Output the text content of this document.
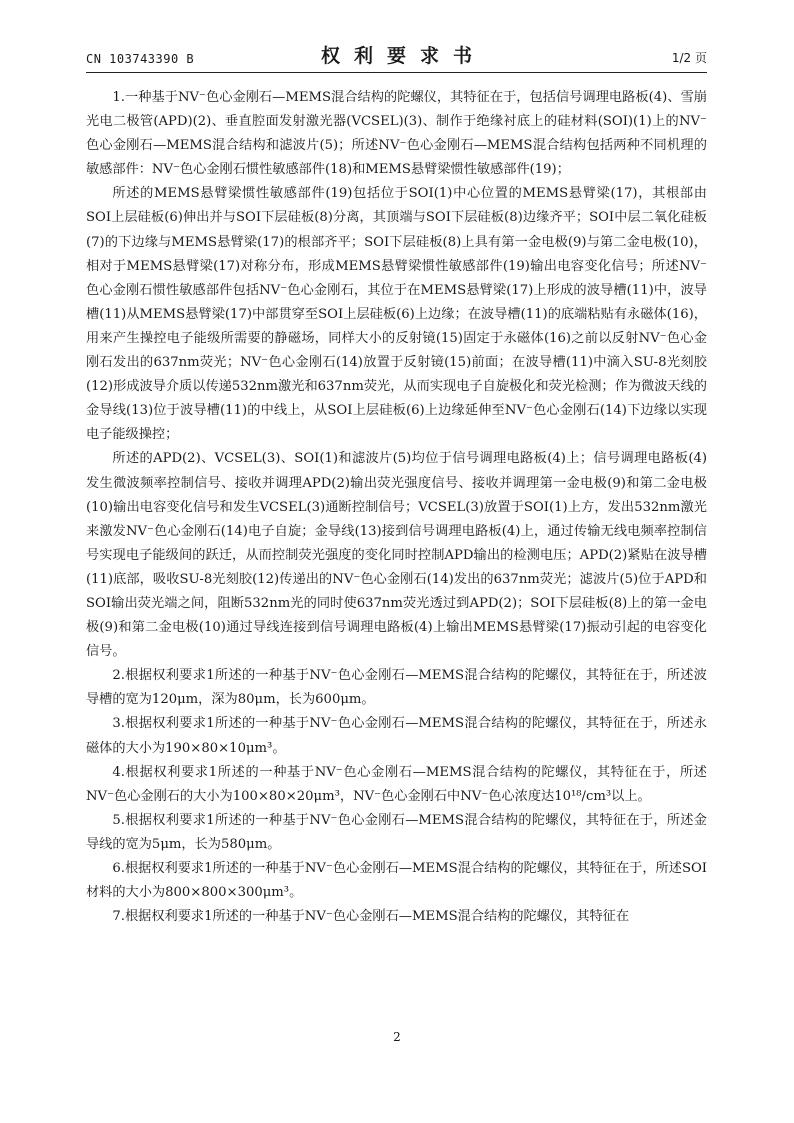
CN 103743390 B	权利要求书	1/2 页

1.一种基于NV⁻色心金刚石—MEMS混合结构的陀螺仪，其特征在于，包括信号调理电路板(4)、雪崩光电二极管(APD)(2)、垂直腔面发射激光器(VCSEL)(3)、制作于绝缘衬底上的硅材料(SOI)(1)上的NV⁻色心金刚石—MEMS混合结构和滤波片(5)；所述NV⁻色心金刚石—MEMS混合结构包括两种不同机理的敏感部件：NV⁻色心金刚石惯性敏感部件(18)和MEMS悬臂梁惯性敏感部件(19)；

所述的MEMS悬臂梁惯性敏感部件(19)包括位于SOI(1)中心位置的MEMS悬臂梁(17)，其根部由SOI上层硅板(6)伸出并与SOI下层硅板(8)分离，其顶端与SOI下层硅板(8)边缘齐平；SOI中层二氧化硅板(7)的下边缘与MEMS悬臂梁(17)的根部齐平；SOI下层硅板(8)上具有第一金电极(9)与第二金电极(10)，相对于MEMS悬臂梁(17)对称分布，形成MEMS悬臂梁惯性敏感部件(19)输出电容变化信号；所述NV⁻色心金刚石惯性敏感部件包括NV⁻色心金刚石，其位于在MEMS悬臂梁(17)上形成的波导槽(11)中，波导槽(11)从MEMS悬臂梁(17)中部贯穿至SOI上层硅板(6)上边缘；在波导槽(11)的底端粘贴有永磁体(16)，用来产生操控电子能级所需要的静磁场，同样大小的反射镜(15)固定于永磁体(16)之前以反射NV⁻色心金刚石发出的637nm荧光；NV⁻色心金刚石(14)放置于反射镜(15)前面；在波导槽(11)中滴入SU-8光刻胶(12)形成波导介质以传递532nm激光和637nm荧光，从而实现电子自旋极化和荧光检测；作为微波天线的金导线(13)位于波导槽(11)的中线上，从SOI上层硅板(6)上边缘延伸至NV⁻色心金刚石(14)下边缘以实现电子能级操控；

所述的APD(2)、VCSEL(3)、SOI(1)和滤波片(5)均位于信号调理电路板(4)上；信号调理电路板(4)发生微波频率控制信号、接收并调理APD(2)输出荧光强度信号、接收并调理第一金电极(9)和第二金电极(10)输出电容变化信号和发生VCSEL(3)通断控制信号；VCSEL(3)放置于SOI(1)上方，发出532nm激光来激发NV⁻色心金刚石(14)电子自旋；金导线(13)接到信号调理电路板(4)上，通过传输无线电频率控制信号实现电子能级间的跃迁，从而控制荧光强度的变化同时控制APD输出的检测电压；APD(2)紧贴在波导槽(11)底部，吸收SU-8光刻胶(12)传递出的NV⁻色心金刚石(14)发出的637nm荧光；滤波片(5)位于APD和SOI输出荧光端之间，阻断532nm光的同时使637nm荧光透过到APD(2)；SOI下层硅板(8)上的第一金电极(9)和第二金电极(10)通过导线连接到信号调理电路板(4)上输出MEMS悬臂梁(17)振动引起的电容变化信号。

2.根据权利要求1所述的一种基于NV⁻色心金刚石—MEMS混合结构的陀螺仪，其特征在于，所述波导槽的宽为120μm，深为80μm，长为600μm。

3.根据权利要求1所述的一种基于NV⁻色心金刚石—MEMS混合结构的陀螺仪，其特征在于，所述永磁体的大小为190×80×10μm³。

4.根据权利要求1所述的一种基于NV⁻色心金刚石—MEMS混合结构的陀螺仪，其特征在于，所述NV⁻色心金刚石的大小为100×80×20μm³，NV⁻色心金刚石中NV⁻色心浓度达10¹⁸/cm³以上。

5.根据权利要求1所述的一种基于NV⁻色心金刚石—MEMS混合结构的陀螺仪，其特征在于，所述金导线的宽为5μm，长为580μm。

6.根据权利要求1所述的一种基于NV⁻色心金刚石—MEMS混合结构的陀螺仪，其特征在于，所述SOI材料的大小为800×800×300μm³。

7.根据权利要求1所述的一种基于NV⁻色心金刚石—MEMS混合结构的陀螺仪，其特征在

2
